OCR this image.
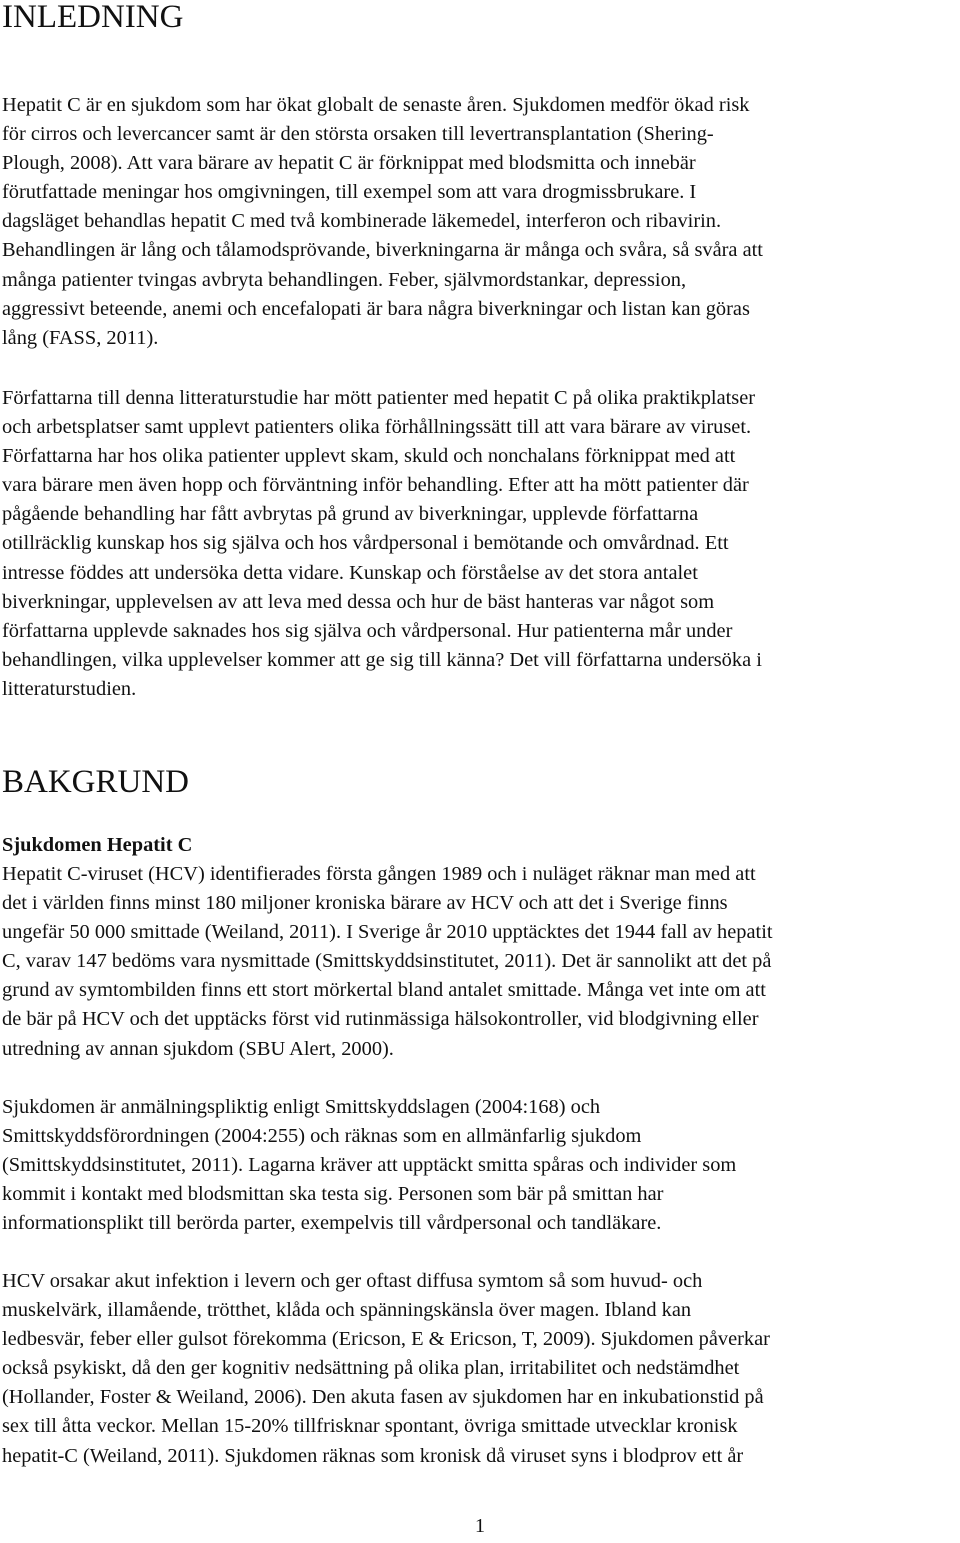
INLEDNING

Hepatit C är en sjukdom som har ökat globalt de senaste åren. Sjukdomen medför ökad risk
för cirros och levercancer samt är den största orsaken till levertransplantation (Shering-
Plough, 2008). Att vara bärare av hepatit C är förknippat med blodsmitta och innebär
förutfattade meningar hos omgivningen, till exempel som att vara drogmissbrukare. I
dagsläget behandlas hepatit C med två kombinerade läkemedel, interferon och ribavirin.
Behandlingen är lång och tålamodsprövande, biverkningarna är många och svåra, så svåra att
många patienter tvingas avbryta behandlingen. Feber, självmordstankar, depression,
aggressivt beteende, anemi och encefalopati är bara några biverkningar och listan kan göras
lång (FASS, 2011).

Författarna till denna litteraturstudie har mött patienter med hepatit C på olika praktikplatser
och arbetsplatser samt upplevt patienters olika förhållningssätt till att vara bärare av viruset.
Författarna har hos olika patienter upplevt skam, skuld och nonchalans förknippat med att
vara bärare men även hopp och förväntning inför behandling. Efter att ha mött patienter där
pågående behandling har fått avbrytas på grund av biverkningar, upplevde författarna
otillräcklig kunskap hos sig själva och hos vårdpersonal i bemötande och omvårdnad. Ett
intresse föddes att undersöka detta vidare. Kunskap och förståelse av det stora antalet
biverkningar, upplevelsen av att leva med dessa och hur de bäst hanteras var något som
författarna upplevde saknades hos sig själva och vårdpersonal. Hur patienterna mår under
behandlingen, vilka upplevelser kommer att ge sig till känna? Det vill författarna undersöka i
litteraturstudien.

BAKGRUND
Sjukdomen Hepatit C

Hepatit C-viruset (HCV) identifierades första gången 1989 och i nuläget räknar man med att
det i världen finns minst 180 miljoner kroniska bärare av HCV och att det i Sverige finns
ungefär 50 000 smittade (Weiland, 2011). I Sverige år 2010 upptäcktes det 1944 fall av hepatit
C, varav 147 bedöms vara nysmittade (Smittskyddsinstitutet, 2011). Det är sannolikt att det på
grund av symtombilden finns ett stort mörkertal bland antalet smittade. Många vet inte om att
de bär på HCV och det upptäcks först vid rutinmässiga hälsokontroller, vid blodgivning eller
utredning av annan sjukdom (SBU Alert, 2000).

Sjukdomen är anmälningspliktig enligt Smittskyddslagen (2004:168) och
Smittskyddsförordningen (2004:255) och räknas som en allmänfarlig sjukdom
(Smittskyddsinstitutet, 2011). Lagarna kräver att upptäckt smitta spåras och individer som
kommit i kontakt med blodsmittan ska testa sig. Personen som bär på smittan har
informationsplikt till berörda parter, exempelvis till vårdpersonal och tandläkare.

HCV orsakar akut infektion i levern och ger oftast diffusa symtom så som huvud- och
muskelvärk, illamående, trötthet, klåda och spänningskänsla över magen. Ibland kan
ledbesvär, feber eller gulsot förekomma (Ericson, E & Ericson, T, 2009). Sjukdomen påverkar
också psykiskt, då den ger kognitiv nedsättning på olika plan, irritabilitet och nedstämdhet
(Hollander, Foster & Weiland, 2006). Den akuta fasen av sjukdomen har en inkubationstid på
sex till åtta veckor. Mellan 15-20% tillfrisknar spontant, övriga smittade utvecklar kronisk
hepatit-C (Weiland, 2011). Sjukdomen räknas som kronisk då viruset syns i blodprov ett år

1
